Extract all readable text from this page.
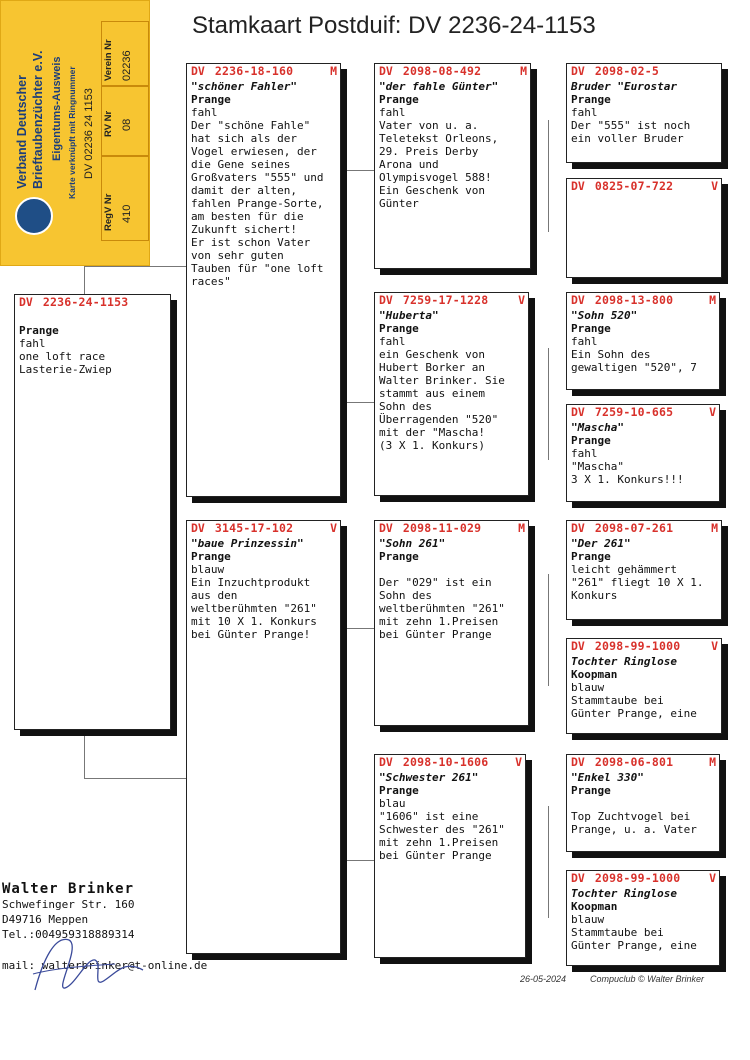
Stamkaart Postduif: DV 2236-24-1153
Verband Deutscher Brieftaubenzüchter e.V. Eigentums-Ausweis Karte verknüpft mit Ringnummer DV 02236 24 1153
Verein Nr 02236
RV Nr 08
RegV Nr 410
DV 2236-24-1153
Prange
fahl
one loft race
Lasterie-Zwiep
DV 2236-18-160	M
"schöner Fahler"
Prange
fahl
Der "schöne Fahle"
hat sich als der
Vogel erwiesen, der
die Gene seines
Großvaters "555" und
damit der alten,
fahlen Prange-Sorte,
am besten für die
Zukunft sichert!
Er ist schon Vater
von sehr guten
Tauben für "one loft
races"
DV 3145-17-102	V
"baue Prinzessin"
Prange
blauw
Ein Inzuchtprodukt
aus den
weltberühmten "261"
mit 10 X 1. Konkurs
bei Günter Prange!
DV 2098-08-492	M
"der fahle Günter"
Prange
fahl
Vater von u. a.
Teletekst Orleons,
29. Preis Derby
Arona und
Olympisvogel 588!
Ein Geschenk von
Günter
DV 7259-17-1228	V
"Huberta"
Prange
fahl
ein Geschenk von
Hubert Borker an
Walter Brinker. Sie
stammt aus einem
Sohn des
Überragenden "520"
mit der "Mascha!
(3 X 1. Konkurs)
DV 2098-11-029	M
"Sohn 261"
Prange
Der "029" ist ein
Sohn des
weltberühmten "261"
mit zehn 1.Preisen
bei Günter Prange
DV 2098-10-1606 V
"Schwester 261"
Prange
blau
"1606" ist eine
Schwester des "261"
mit zehn 1.Preisen
bei Günter Prange
DV 2098-02-5
Bruder "Eurostar
Prange
fahl
Der "555" ist noch
ein voller Bruder
DV 0825-07-722	V
DV 2098-13-800	M
"Sohn 520"
Prange
fahl
Ein Sohn des
gewaltigen "520", 7
DV 7259-10-665	V
"Mascha"
Prange
fahl
"Mascha"
3 X 1. Konkurs!!!
DV 2098-07-261	M
"Der 261"
Prange
leicht gehämmert
"261" fliegt 10 X 1.
Konkurs
DV 2098-99-1000	V
Tochter Ringlose
Koopman
blauw
Stammtaube bei
Günter Prange, eine
DV 2098-06-801	M
"Enkel 330"
Prange
Top Zuchtvogel bei
Prange, u. a. Vater
DV 2098-99-1000 V
Tochter Ringlose
Koopman
blauw
Stammtaube bei
Günter Prange, eine
Walter Brinker
Schwefinger Str. 160
D49716 Meppen
Tel.:004959318889314
mail: walterbrinker@t-online.de
26-05-2024	Compuclub © Walter Brinker
